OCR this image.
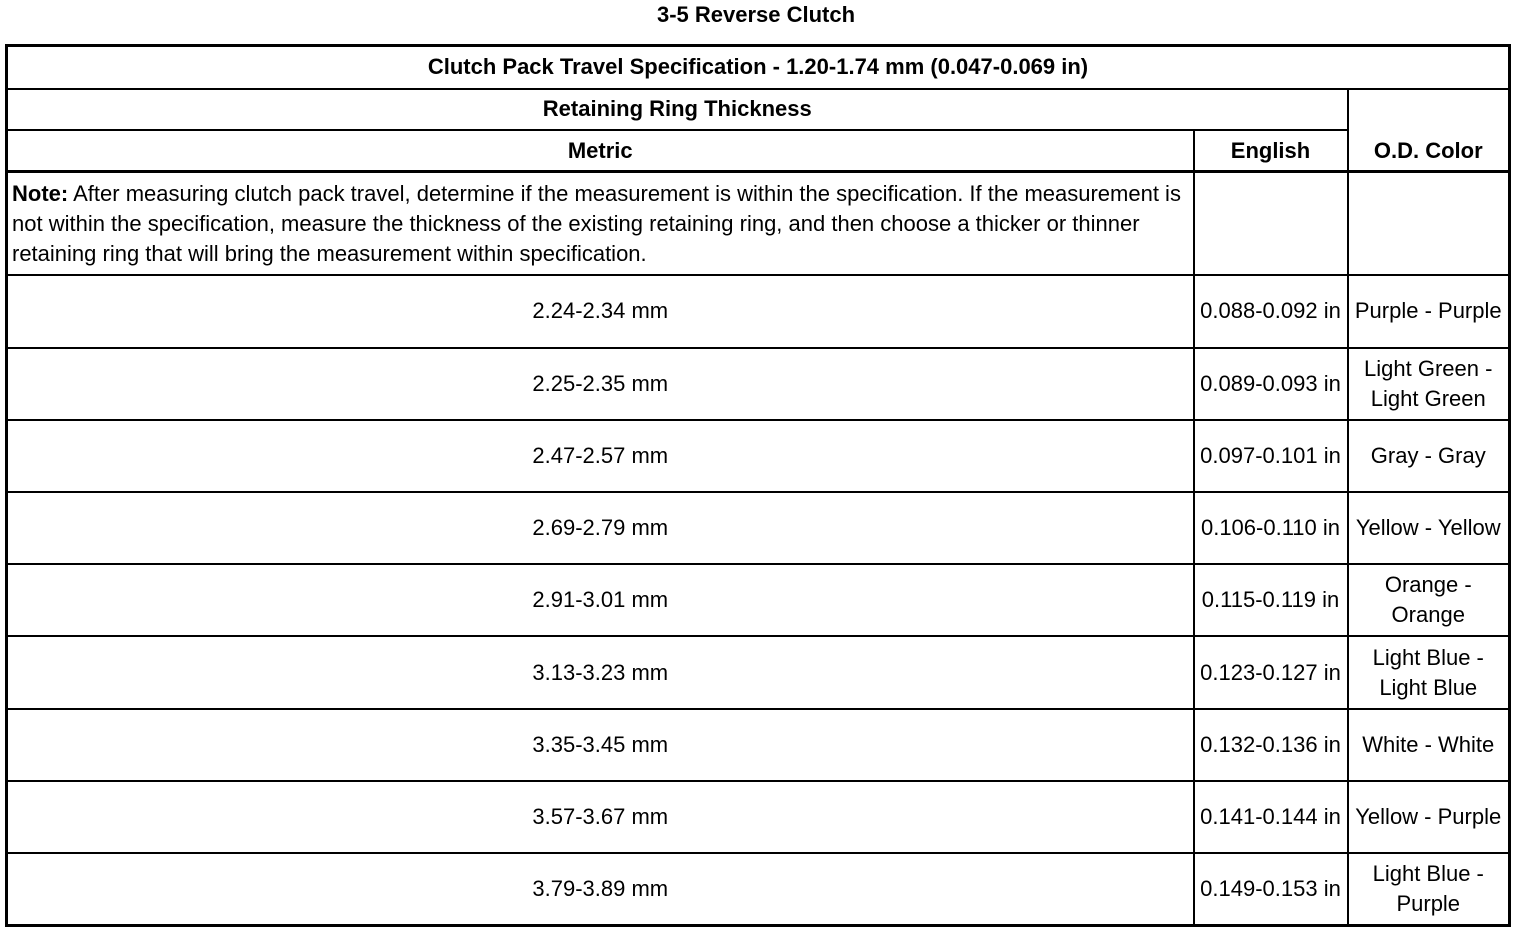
3-5 Reverse Clutch
Clutch Pack Travel Specification - 1.20-1.74 mm (0.047-0.069 in)		
Retaining Ring Thickness		O.D. Color
Metric	English	
Note: After measuring clutch pack travel, determine if the measurement is within the specification. If the measurement is not within the specification, measure the thickness of the existing retaining ring, and then choose a thicker or thinner retaining ring that will bring the measurement within specification.		
2.24-2.34 mm	0.088-0.092 in	Purple - Purple
2.25-2.35 mm	0.089-0.093 in	Light Green - Light Green
2.47-2.57 mm	0.097-0.101 in	Gray - Gray
2.69-2.79 mm	0.106-0.110 in	Yellow - Yellow
2.91-3.01 mm	0.115-0.119 in	Orange - Orange
3.13-3.23 mm	0.123-0.127 in	Light Blue - Light Blue
3.35-3.45 mm	0.132-0.136 in	White - White
3.57-3.67 mm	0.141-0.144 in	Yellow - Purple
3.79-3.89 mm	0.149-0.153 in	Light Blue - Purple
